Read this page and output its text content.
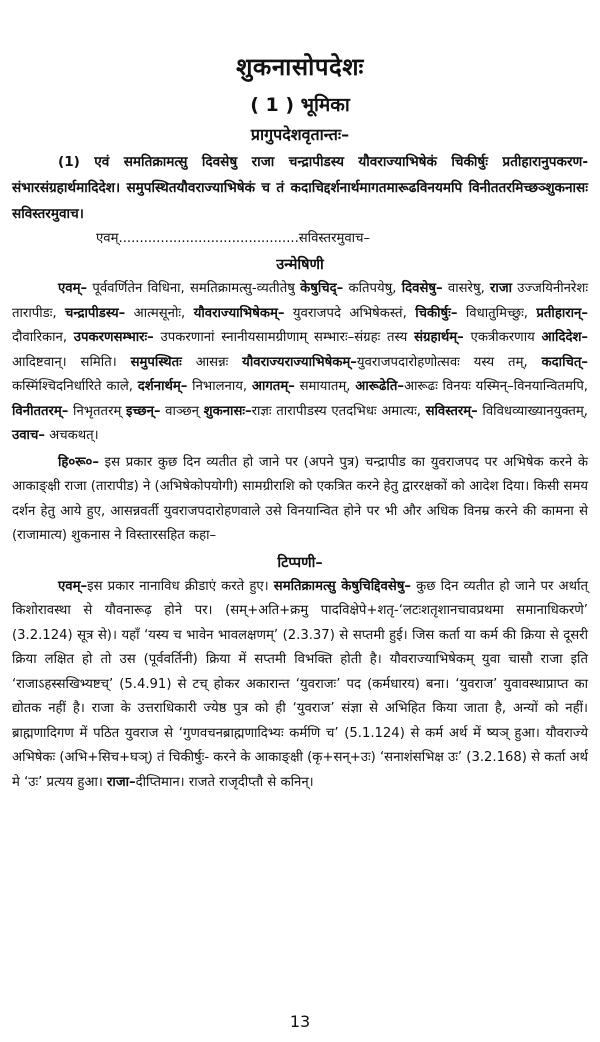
शुकनासोपदेशः
( 1 ) भूमिका
प्रागुपदेशवृतान्तः–

(1) एवं समतिक्रामत्सु दिवसेषु राजा चन्द्रापीडस्य यौवराज्याभिषेकं चिकीर्षुः प्रतीहारानुपकरण-संभारसंग्रहार्थमादिदेश। समुपस्थितयौवराज्याभिषेकं च तं कदाचिद्दर्शनार्थमागतमारूढविनयमपि विनीततरमिच्छञ्शुकनासः सविस्तरमुवाच।

एवम्...........................................सविस्तरमुवाच–
उन्मेषिणी

एवम्– पूर्ववर्णितेन विधिना, समतिक्रामत्सु-व्यतीतेषु केषुचिद्– कतिपयेषु, दिवसेषु– वासरेषु, राजा उज्जयिनीनरेशः तारापीडः, चन्द्रापीडस्य– आत्मसूनोः, यौवराज्याभिषेकम्– युवराजपदे अभिषेकस्तं, चिकीर्षुः– विधातुमिच्छुः, प्रतीहारान्– दौवारिकान, उपकरणसम्भारः– उपकरणानां स्नानीयसामग्रीणाम् सम्भारः–संग्रहः तस्य संग्रहार्थम्– एकत्रीकरणाय आदिदेश– आदिष्टवान्। समिति। समुपस्थितः आसन्नः यौवराज्यराज्याभिषेकम्–युवराजपदारोहणोत्सवः यस्य तम्, कदाचित्– कस्मिंश्चिदनिर्धारिते काले, दर्शनार्थम्– निभालनाय, आगतम्– समायातम्, आरूढेति–आरूढः विनयः यस्मिन्–विनयान्वितमपि, विनीततरम्– निभृततरम् इच्छन्– वाञ्छन् शुकनासः–राज्ञः तारापीडस्य एतदभिधः अमात्यः, सविस्तरम्– विविधव्याख्यानयुक्तम्, उवाच– अचकथत्।

हि०रू०– इस प्रकार कुछ दिन व्यतीत हो जाने पर (अपने पुत्र) चन्द्रापीड का युवराजपद पर अभिषेक करने के आकाङ्क्षी राजा (तारापीड) ने (अभिषेकोपयोगी) सामग्रीराशि को एकत्रित करने हेतु द्वाररक्षकों को आदेश दिया। किसी समय दर्शन हेतु आये हुए, आसन्नवर्ती युवराजपदारोहणवाले उसे विनयान्वित होने पर भी और अधिक विनम्र करने की कामना से (राजामात्य) शुकनास ने विस्तारसहित कहा–

टिप्पणी–

एवम्–इस प्रकार नानाविध क्रीडाएं करते हुए। समतिक्रामत्सु केषुचिद्दिवसेषु– कुछ दिन व्यतीत हो जाने पर अर्थात् किशोरावस्था से यौवनारूढ़ होने पर। (सम्+अति+क्रमु पादविक्षेपे+शतृ-‘लटःशतृशानचावप्रथमा समानाधिकरणे’ (3.2.124) सूत्र से)। यहाँ ‘यस्य च भावेन भावलक्षणम्’ (2.3.37) से सप्तमी हुई। जिस कर्ता या कर्म की क्रिया से दूसरी क्रिया लक्षित हो तो उस (पूर्ववर्तिनी) क्रिया में सप्तमी विभक्ति होती है। यौवराज्याभिषेकम् युवा चासौ राजा इति ‘राजाऽहस्सखिभ्यष्टच्’ (5.4.91) से टच् होकर अकारान्त ‘युवराजः’ पद (कर्मधारय) बना। ‘युवराज’ युवावस्थाप्राप्त का द्योतक नहीं है। राजा के उत्तराधिकारी ज्येष्ठ पुत्र को ही ‘युवराज’ संज्ञा से अभिहित किया जाता है, अन्यों को नहीं। ब्राह्मणादिगण में पठित युवराज से ‘गुणवचनब्राह्मणादिभ्यः कर्मणि च’ (5.1.124) से कर्म अर्थ में ष्यञ् हुआ। यौवराज्ये अभिषेकः (अभि+सिच+घञ्) तं चिकीर्षुः- करने के आकाङ्क्षी (कृ+सन्+उः) ‘सनाशंसभिक्ष उः’ (3.2.168) से कर्ता अर्थ मे ‘उः’ प्रत्यय हुआ। राजा–दीप्तिमान। राजते राजृदीप्तौ से कनिन्।

13
